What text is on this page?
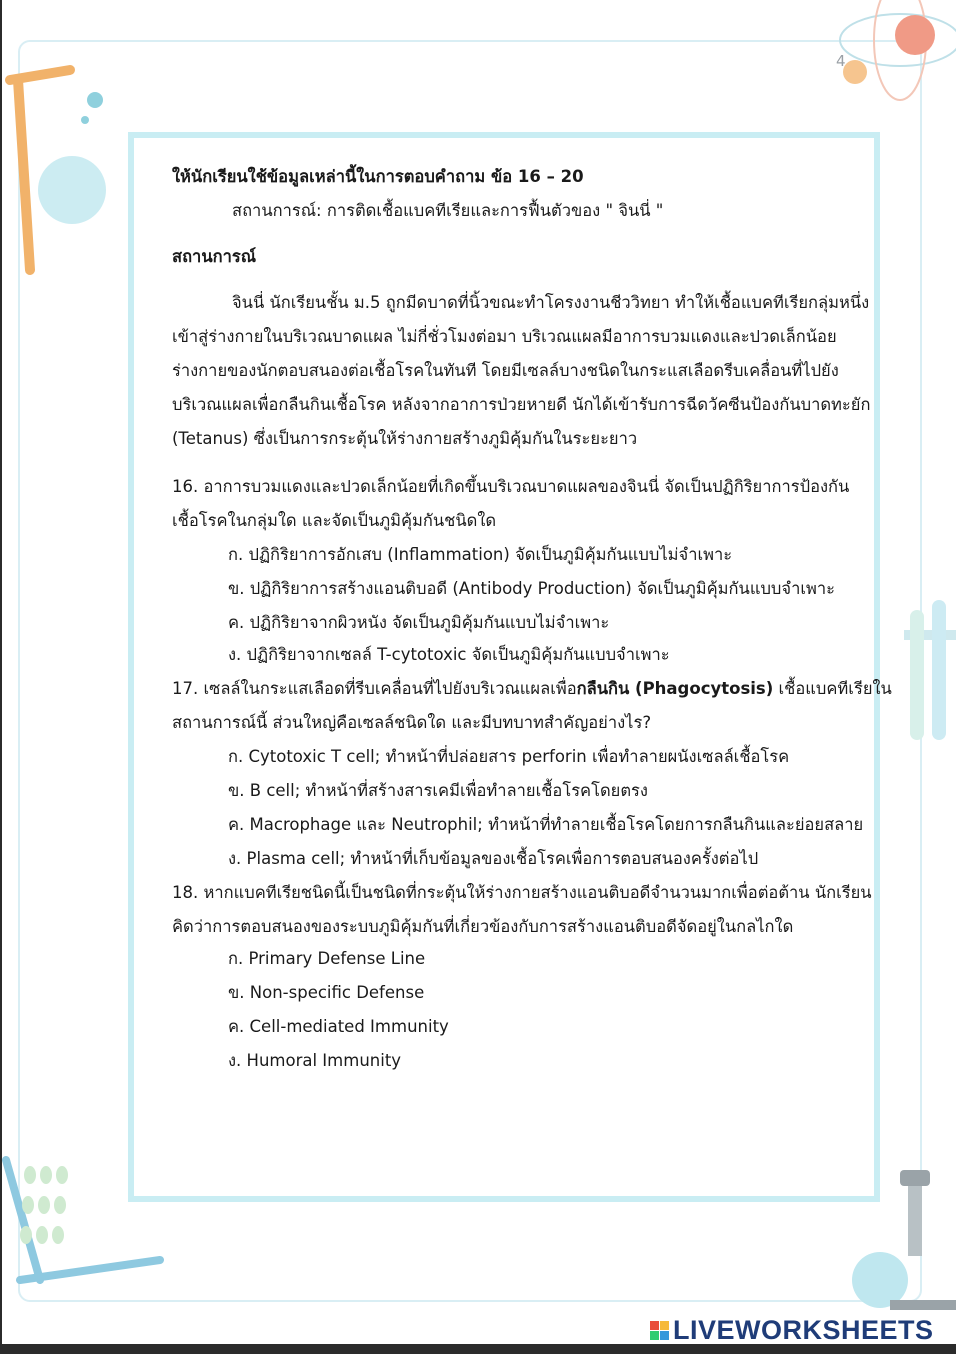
4
ให้นักเรียนใช้ข้อมูลเหล่านี้ในการตอบคำถาม ข้อ 16 – 20
สถานการณ์: การติดเชื้อแบคทีเรียและการฟื้นตัวของ " จินนี่ "
สถานการณ์
จินนี่ นักเรียนชั้น ม.5 ถูกมีดบาดที่นิ้วขณะทำโครงงานชีววิทยา ทำให้เชื้อแบคทีเรียกลุ่มหนึ่ง
เข้าสู่ร่างกายในบริเวณบาดแผล ไม่กี่ชั่วโมงต่อมา บริเวณแผลมีอาการบวมแดงและปวดเล็กน้อย
ร่างกายของนักตอบสนองต่อเชื้อโรคในทันที โดยมีเซลล์บางชนิดในกระแสเลือดรีบเคลื่อนที่ไปยัง
บริเวณแผลเพื่อกลืนกินเชื้อโรค หลังจากอาการป่วยหายดี นักได้เข้ารับการฉีดวัคซีนป้องกันบาดทะยัก
(Tetanus) ซึ่งเป็นการกระตุ้นให้ร่างกายสร้างภูมิคุ้มกันในระยะยาว
16. อาการบวมแดงและปวดเล็กน้อยที่เกิดขึ้นบริเวณบาดแผลของจินนี่ จัดเป็นปฏิกิริยาการป้องกัน
เชื้อโรคในกลุ่มใด และจัดเป็นภูมิคุ้มกันชนิดใด
ก. ปฏิกิริยาการอักเสบ (Inflammation) จัดเป็นภูมิคุ้มกันแบบไม่จำเพาะ
ข. ปฏิกิริยาการสร้างแอนติบอดี (Antibody Production) จัดเป็นภูมิคุ้มกันแบบจำเพาะ
ค. ปฏิกิริยาจากผิวหนัง จัดเป็นภูมิคุ้มกันแบบไม่จำเพาะ
ง. ปฏิกิริยาจากเซลล์ T-cytotoxic จัดเป็นภูมิคุ้มกันแบบจำเพาะ
17. เซลล์ในกระแสเลือดที่รีบเคลื่อนที่ไปยังบริเวณแผลเพื่อกลืนกิน (Phagocytosis) เชื้อแบคทีเรียใน
สถานการณ์นี้ ส่วนใหญ่คือเซลล์ชนิดใด และมีบทบาทสำคัญอย่างไร?
ก. Cytotoxic T cell; ทำหน้าที่ปล่อยสาร perforin เพื่อทำลายผนังเซลล์เชื้อโรค
ข. B cell; ทำหน้าที่สร้างสารเคมีเพื่อทำลายเชื้อโรคโดยตรง
ค. Macrophage และ Neutrophil; ทำหน้าที่ทำลายเชื้อโรคโดยการกลืนกินและย่อยสลาย
ง. Plasma cell; ทำหน้าที่เก็บข้อมูลของเชื้อโรคเพื่อการตอบสนองครั้งต่อไป
18. หากแบคทีเรียชนิดนี้เป็นชนิดที่กระตุ้นให้ร่างกายสร้างแอนติบอดีจำนวนมากเพื่อต่อต้าน นักเรียน
คิดว่าการตอบสนองของระบบภูมิคุ้มกันที่เกี่ยวข้องกับการสร้างแอนติบอดีจัดอยู่ในกลไกใด
ก. Primary Defense Line
ข. Non-specific Defense
ค. Cell-mediated Immunity
ง. Humoral Immunity
LIVEWORKSHEETS
